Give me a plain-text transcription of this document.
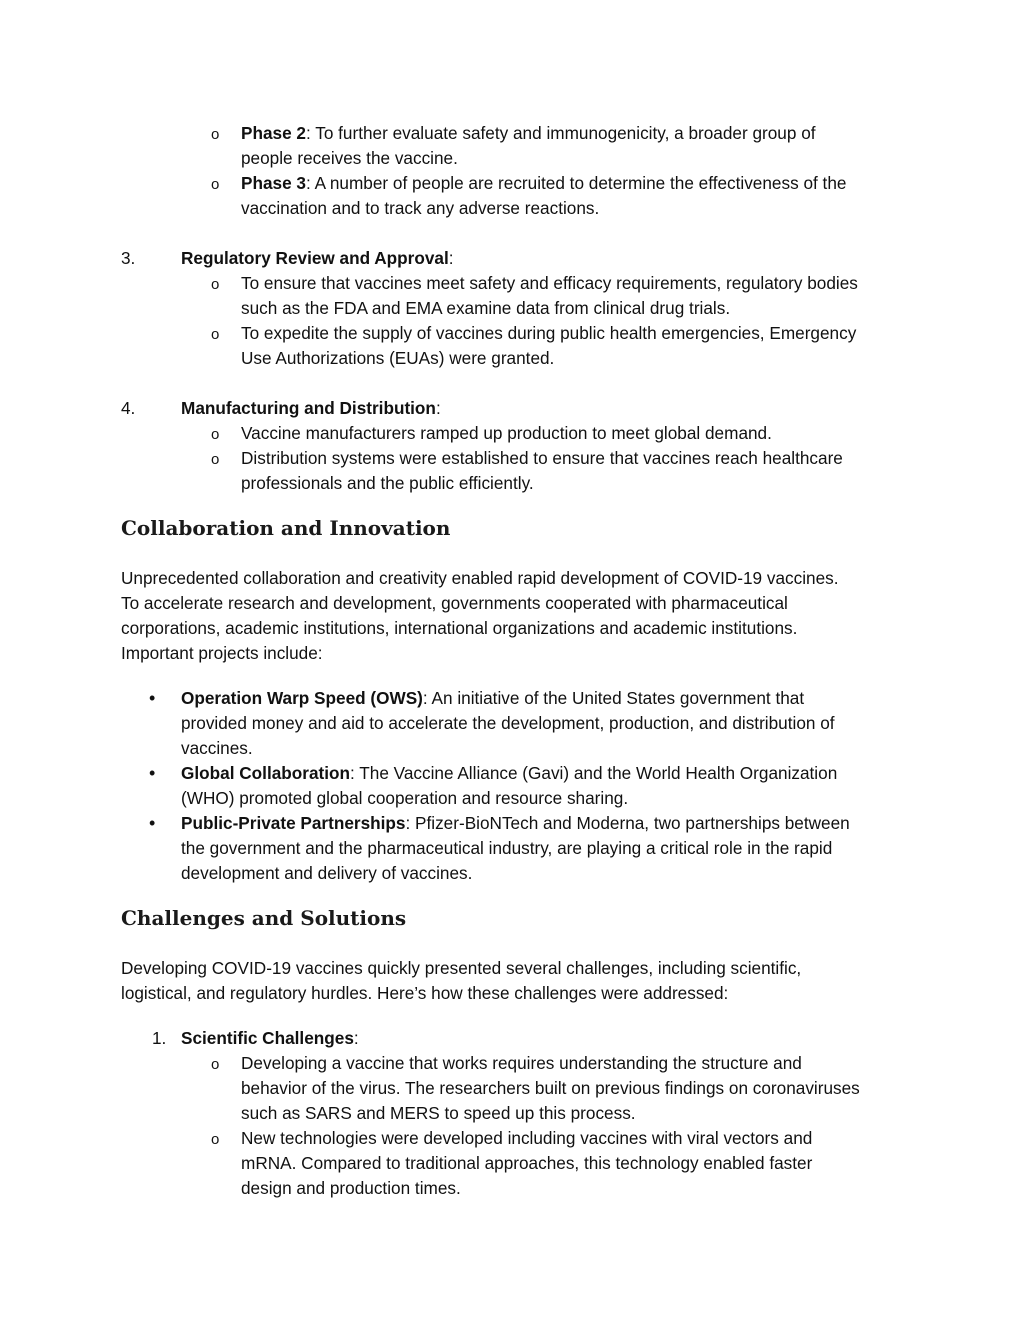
o Phase 2: To further evaluate safety and immunogenicity, a broader group of
people receives the vaccine.
o Phase 3: A number of people are recruited to determine the effectiveness of the
vaccination and to track any adverse reactions.
3.	Regulatory Review and Approval:
o To ensure that vaccines meet safety and efficacy requirements, regulatory bodies
such as the FDA and EMA examine data from clinical drug trials.
o To expedite the supply of vaccines during public health emergencies, Emergency
Use Authorizations (EUAs) were granted.
4.	Manufacturing and Distribution:
o Vaccine manufacturers ramped up production to meet global demand.
o Distribution systems were established to ensure that vaccines reach healthcare
professionals and the public efficiently.
Collaboration and Innovation
Unprecedented collaboration and creativity enabled rapid development of COVID-19 vaccines.
To accelerate research and development, governments cooperated with pharmaceutical
corporations, academic institutions, international organizations and academic institutions.
Important projects include:
• Operation Warp Speed (OWS): An initiative of the United States government that
provided money and aid to accelerate the development, production, and distribution of
vaccines.
• Global Collaboration: The Vaccine Alliance (Gavi) and the World Health Organization
(WHO) promoted global cooperation and resource sharing.
• Public-Private Partnerships: Pfizer-BioNTech and Moderna, two partnerships between
the government and the pharmaceutical industry, are playing a critical role in the rapid
development and delivery of vaccines.
Challenges and Solutions
Developing COVID-19 vaccines quickly presented several challenges, including scientific,
logistical, and regulatory hurdles. Here’s how these challenges were addressed:
1. Scientific Challenges:
o Developing a vaccine that works requires understanding the structure and
behavior of the virus. The researchers built on previous findings on coronaviruses
such as SARS and MERS to speed up this process.
o New technologies were developed including vaccines with viral vectors and
mRNA. Compared to traditional approaches, this technology enabled faster
design and production times.
